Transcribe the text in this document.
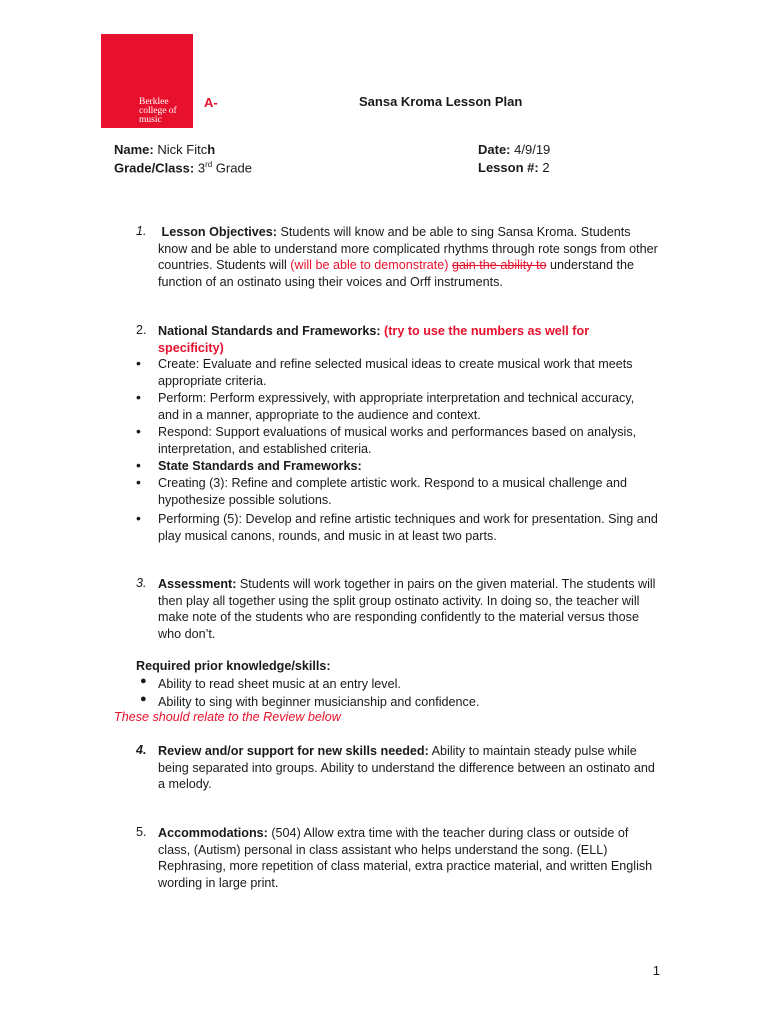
Berklee
college of
music
A-	Sansa Kroma Lesson Plan
Name: Nick Fitch	Date: 4/9/19
Grade/Class: 3rd Grade	Lesson #: 2
1. Lesson Objectives: Students will know and be able to sing Sansa Kroma. Students know and be able to understand more complicated rhythms through rote songs from other countries. Students will (will be able to demonstrate) gain the ability to understand the function of an ostinato using their voices and Orff instruments.
2. National Standards and Frameworks: (try to use the numbers as well for specificity)
• Create: Evaluate and refine selected musical ideas to create musical work that meets appropriate criteria.
• Perform: Perform expressively, with appropriate interpretation and technical accuracy, and in a manner, appropriate to the audience and context.
• Respond: Support evaluations of musical works and performances based on analysis, interpretation, and established criteria.
• State Standards and Frameworks:
• Creating (3): Refine and complete artistic work. Respond to a musical challenge and hypothesize possible solutions.
• Performing (5): Develop and refine artistic techniques and work for presentation. Sing and play musical canons, rounds, and music in at least two parts.
3. Assessment: Students will work together in pairs on the given material. The students will then play all together using the split group ostinato activity. In doing so, the teacher will make note of the students who are responding confidently to the material versus those who don’t.
Required prior knowledge/skills:
● Ability to read sheet music at an entry level.
● Ability to sing with beginner musicianship and confidence.
These should relate to the Review below
4. Review and/or support for new skills needed: Ability to maintain steady pulse while being separated into groups. Ability to understand the difference between an ostinato and a melody.
5. Accommodations: (504) Allow extra time with the teacher during class or outside of class, (Autism) personal in class assistant who helps understand the song. (ELL) Rephrasing, more repetition of class material, extra practice material, and written English wording in large print.
1
